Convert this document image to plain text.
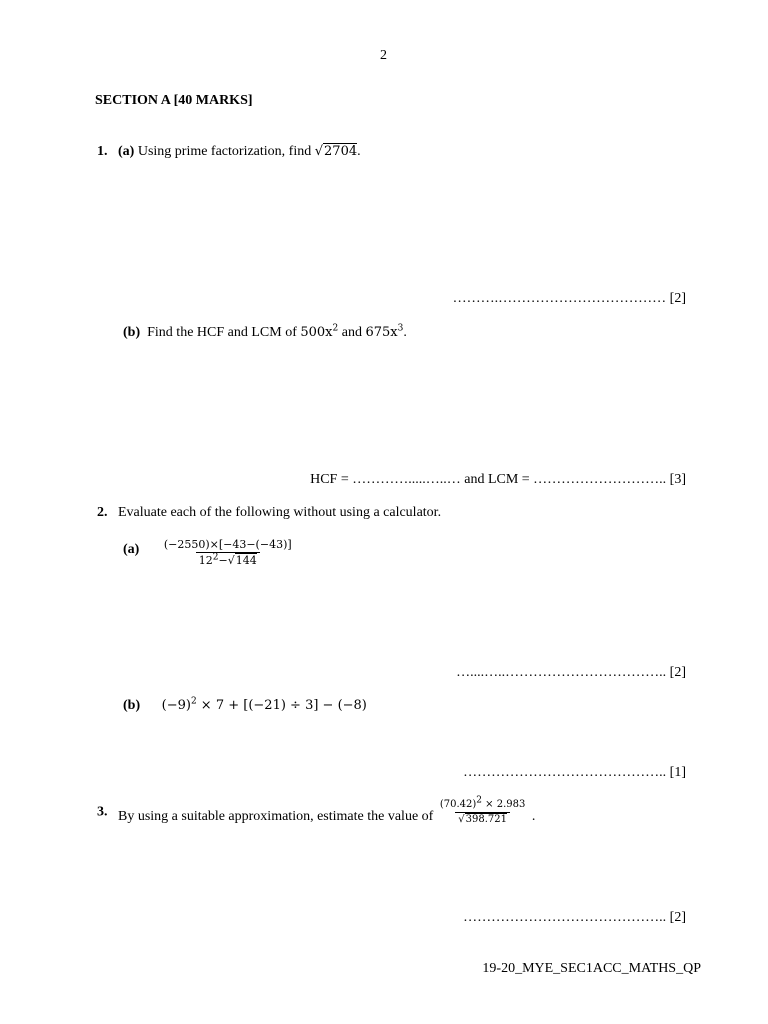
2
SECTION A [40 MARKS]
1. (a) Using prime factorization, find √2704.
……….……………………………… [2]
(b) Find the HCF and LCM of $500x^2$ and $675x^3$.
HCF = ………….....…..… and LCM = ……………………….. [3]
2. Evaluate each of the following without using a calculator.
$(a) \frac{(-2550)\times[-43-(-43)]}{12^2-√144}$
…....…..…………………………….. [2]
(b) $(-9)^2 \times 7 + [(-21) \div 3] - (-8)$
…………………………………….. [1]
3. By using a suitable approximation, estimate the value of $\frac{(70.42)^2 \times 2.983}{√398.721}$ .
…………………………………….. [2]
19-20_MYE_SEC1ACC_MATHS_QP
